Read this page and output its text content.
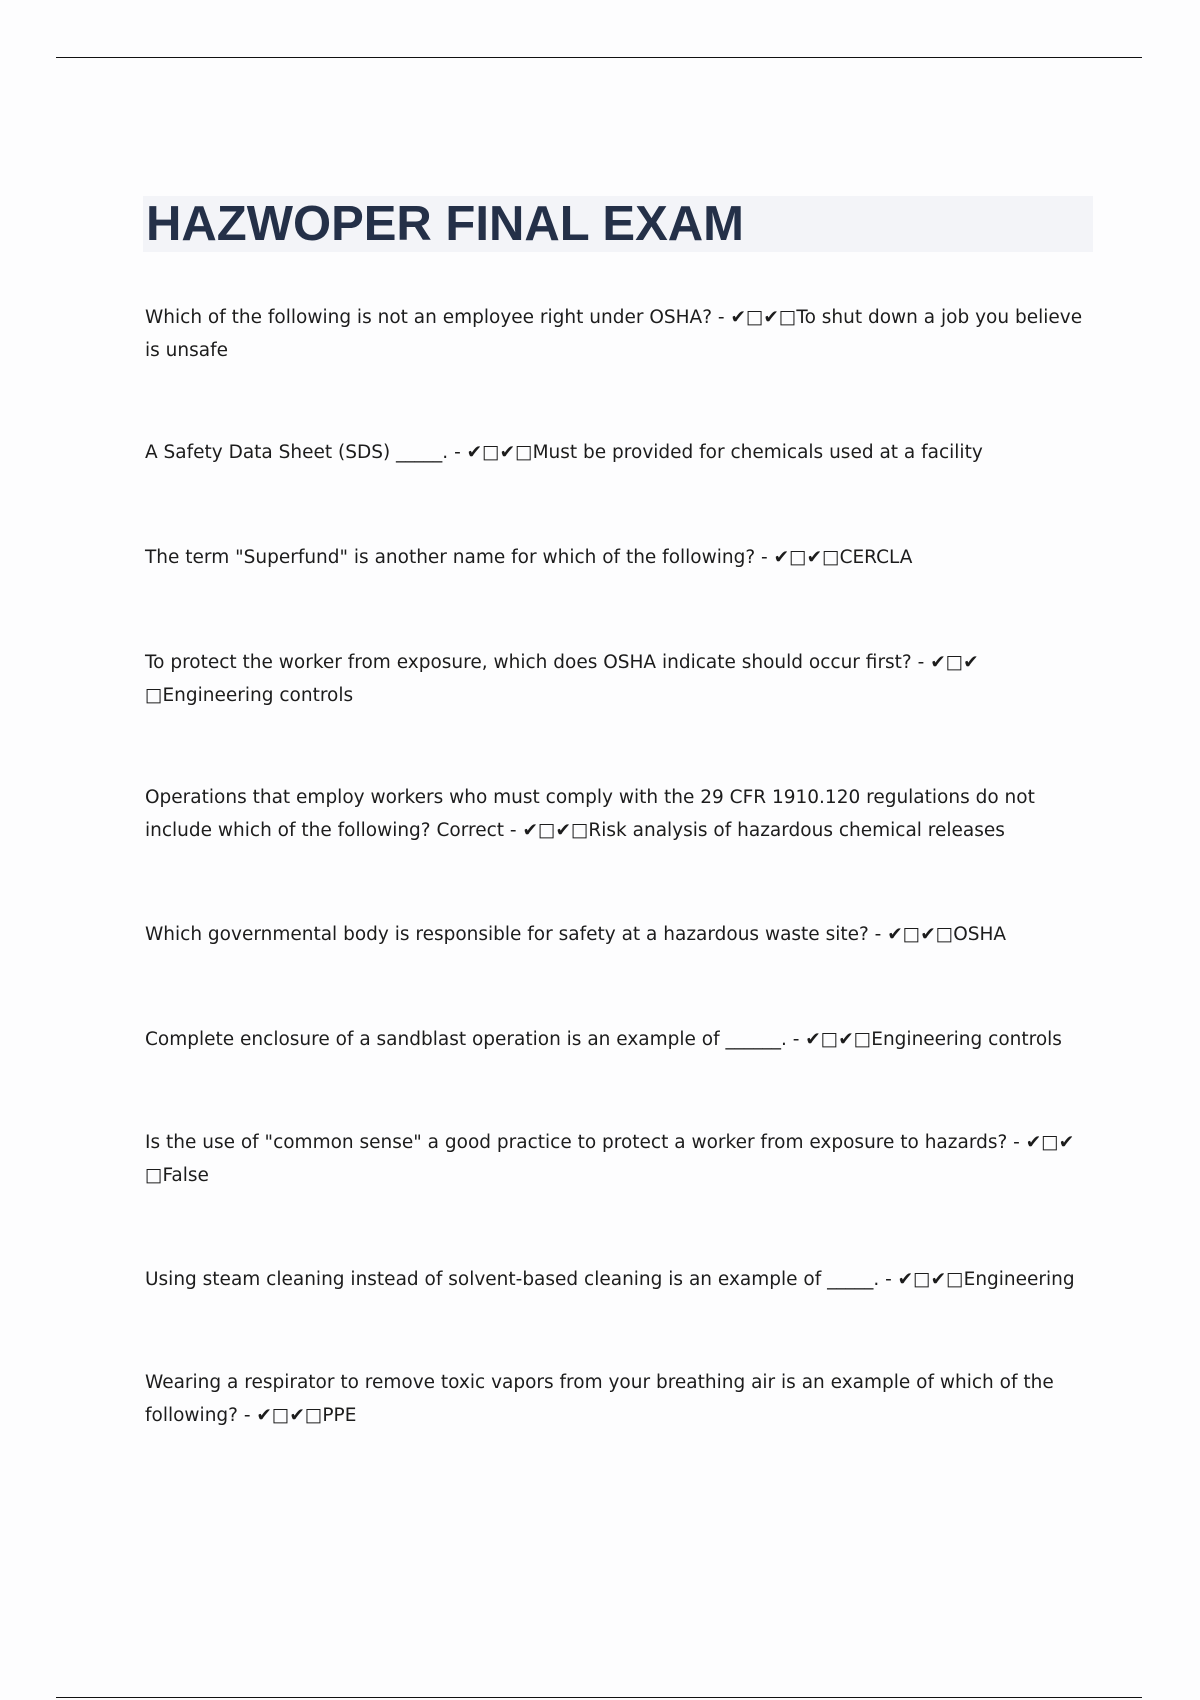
HAZWOPER FINAL EXAM
Which of the following is not an employee right under OSHA? - ✔□✔□To shut down a job you believe is unsafe
A Safety Data Sheet (SDS) _____. - ✔□✔□Must be provided for chemicals used at a facility
The term "Superfund" is another name for which of the following? - ✔□✔□CERCLA
To protect the worker from exposure, which does OSHA indicate should occur first? - ✔□✔ □Engineering controls
Operations that employ workers who must comply with the 29 CFR 1910.120 regulations do not include which of the following? Correct - ✔□✔□Risk analysis of hazardous chemical releases
Which governmental body is responsible for safety at a hazardous waste site? - ✔□✔□OSHA
Complete enclosure of a sandblast operation is an example of ______. - ✔□✔□Engineering controls
Is the use of "common sense" a good practice to protect a worker from exposure to hazards? - ✔□✔ □False
Using steam cleaning instead of solvent-based cleaning is an example of _____. - ✔□✔□Engineering
Wearing a respirator to remove toxic vapors from your breathing air is an example of which of the following? - ✔□✔□PPE
